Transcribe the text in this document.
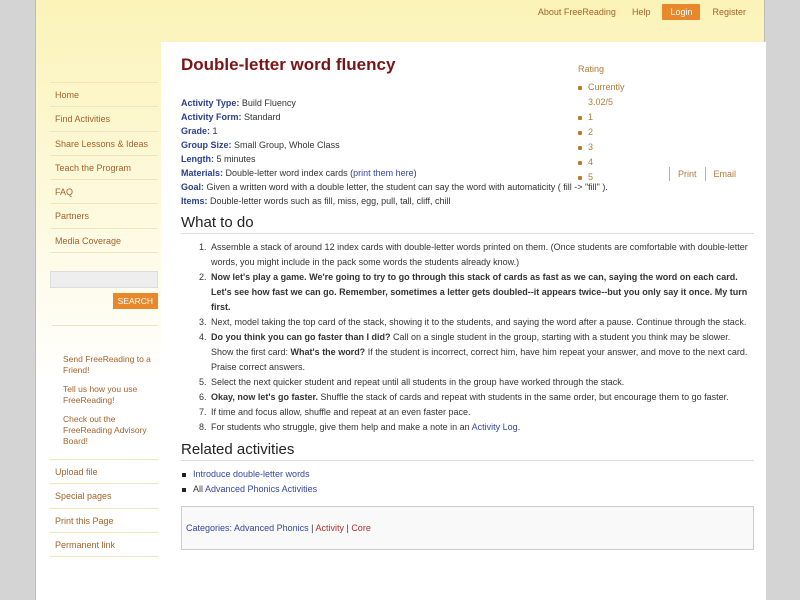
About FreeReading	Help	Login	Register
Home
Find Activities
Share Lessons & Ideas
Teach the Program
FAQ
Partners
Media Coverage
SEARCH
Send FreeReading to a Friend!
Tell us how you use FreeReading!
Check out the FreeReading Advisory Board!
Upload file
Special pages
Print this Page
Permanent link
Double-letter word fluency	Rating
Currently
3.02/5
1
2
3
4
5	Print	Email
Activity Type: Build Fluency
Activity Form: Standard
Grade: 1
Group Size: Small Group, Whole Class
Length: 5 minutes
Materials: Double-letter word index cards (print them here)
Goal: Given a written word with a double letter, the student can say the word with automaticity ( fill -> "fill" ).
Items: Double-letter words such as fill, miss, egg, pull, tall, cliff, chill
What to do
1. Assemble a stack of around 12 index cards with double-letter words printed on them. (Once students are comfortable with double-letter words, you might include in the pack some words the students already know.)
2. Now let's play a game. We're going to try to go through this stack of cards as fast as we can, saying the word on each card. Let's see how fast we can go. Remember, sometimes a letter gets doubled--it appears twice--but you only say it once. My turn first.
3. Next, model taking the top card of the stack, showing it to the students, and saying the word after a pause. Continue through the stack.
4. Do you think you can go faster than I did? Call on a single student in the group, starting with a student you think may be slower. Show the first card: What's the word? If the student is incorrect, correct him, have him repeat your answer, and move to the next card. Praise correct answers.
5. Select the next quicker student and repeat until all students in the group have worked through the stack.
6. Okay, now let's go faster. Shuffle the stack of cards and repeat with students in the same order, but encourage them to go faster.
7. If time and focus allow, shuffle and repeat at an even faster pace.
8. For students who struggle, give them help and make a note in an Activity Log.
Related activities
Introduce double-letter words
All Advanced Phonics Activities
Categories: Advanced Phonics | Activity | Core
